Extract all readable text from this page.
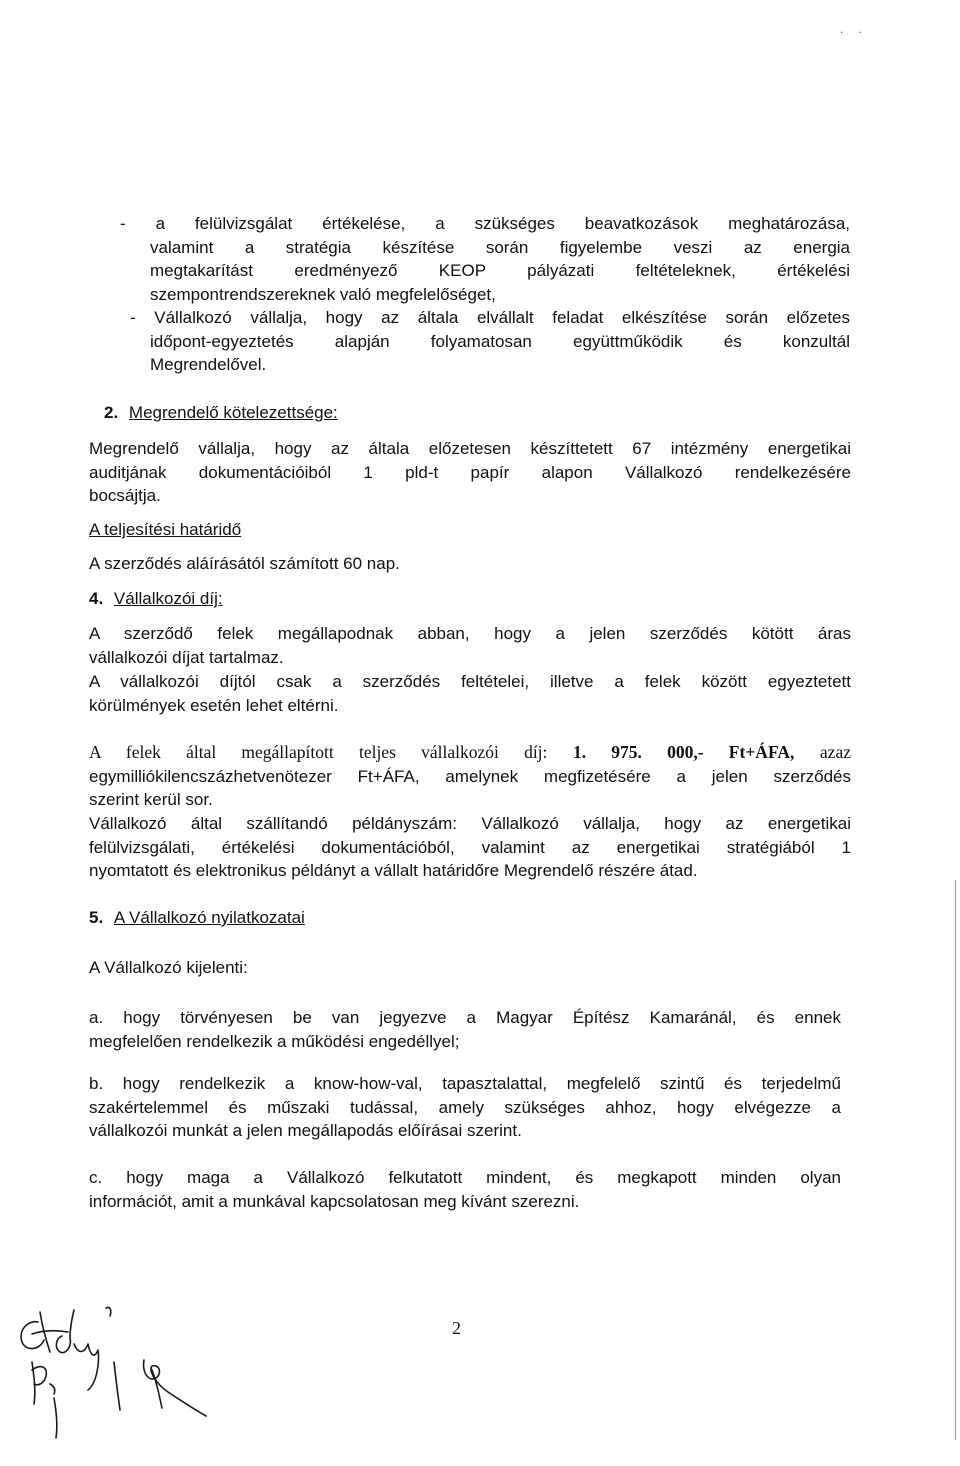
. .
- a felülvizsgálat értékelése, a szükséges beavatkozások meghatározása,
valamint a stratégia készítése során figyelembe veszi az energia
megtakarítást eredményező KEOP pályázati feltételeknek, értékelési
szempontrendszereknek való megfelelőséget,
- Vállalkozó vállalja, hogy az általa elvállalt feladat elkészítése során előzetes
időpont-egyeztetés alapján folyamatosan együttműködik és konzultál
Megrendelővel.
2. Megrendelő kötelezettsége:
Megrendelő vállalja, hogy az általa előzetesen készíttetett 67 intézmény energetikai
auditjának dokumentációiból 1 pld-t papír alapon Vállalkozó rendelkezésére
bocsájtja.
A teljesítési határidő
A szerződés aláírásától számított 60 nap.
4. Vállalkozói díj:
A szerződő felek megállapodnak abban, hogy a jelen szerződés kötött áras
vállalkozói díjat tartalmaz.
A vállalkozói díjtól csak a szerződés feltételei, illetve a felek között egyeztetett
körülmények esetén lehet eltérni.
A felek által megállapított teljes vállalkozói díj: 1. 975. 000,- Ft+ÁFA, azaz
egymilliókilencszázhetvenötezer Ft+ÁFA, amelynek megfizetésére a jelen szerződés
szerint kerül sor.
Vállalkozó által szállítandó példányszám: Vállalkozó vállalja, hogy az energetikai
felülvizsgálati, értékelési dokumentációból, valamint az energetikai stratégiából 1
nyomtatott és elektronikus példányt a vállalt határidőre Megrendelő részére átad.
5. A Vállalkozó nyilatkozatai
A Vállalkozó kijelenti:
a. hogy törvényesen be van jegyezve a Magyar Építész Kamaránál, és ennek
megfelelően rendelkezik a működési engedéllyel;
b. hogy rendelkezik a know-how-val, tapasztalattal, megfelelő szintű és terjedelmű
szakértelemmel és műszaki tudással, amely szükséges ahhoz, hogy elvégezze a
vállalkozói munkát a jelen megállapodás előírásai szerint.
c. hogy maga a Vállalkozó felkutatott mindent, és megkapott minden olyan
információt, amit a munkával kapcsolatosan meg kívánt szerezni.
2
